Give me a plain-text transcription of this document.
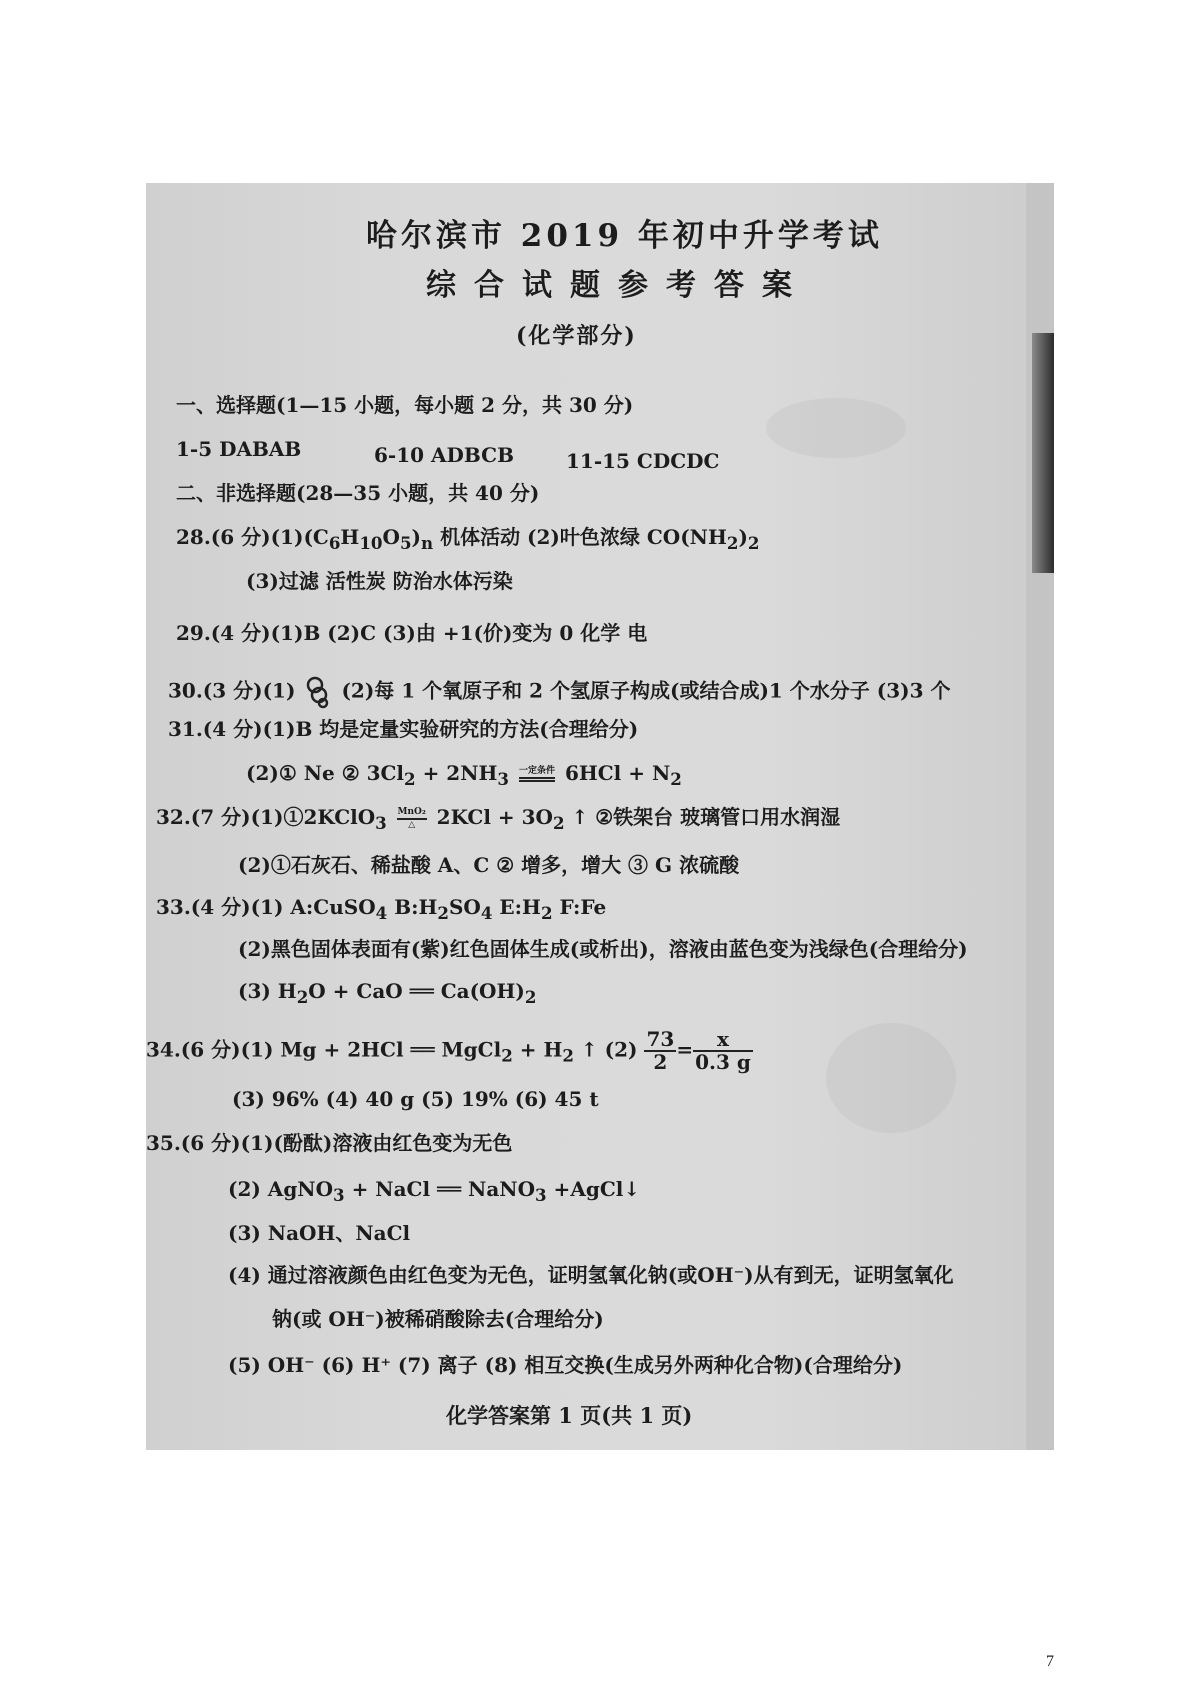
哈尔滨市 2019 年初中升学考试
综合试题参考答案
(化学部分)
一、选择题(1—15 小题，每小题 2 分，共 30 分)
1-5 DABAB	6-10 ADBCB	11-15 CDCDC
二、非选择题(28—35 小题，共 40 分)
28.(6 分)$(1)(C_6H_{10}O_5)_n$ 机体活动 (2)叶色浓绿 $CO(NH_2)_2$
(3)过滤 活性炭 防治水体污染
29.(4 分)(1)B (2)C (3)由 +1(价)变为 0 化学 电
30.(3 分)(1) (2)每 1 个氧原子和 2 个氢原子构成(或结合成)1 个水分子 (3)3 个
31.(4 分)(1)B 均是定量实验研究的方法(合理给分)
(2)① Ne ② $3Cl_2 + 2NH_3$ 一定条件 $6HCl + N_2$
32.(7 分)(1)①2KClO$_3$
MnO₂
△ $2KCl + 3O_2$ ↑ ②铁架台 玻璃管口用水润湿
(2)①石灰石、稀盐酸 A、C ② 增多，增大 ③ G 浓硫酸
33.(4 分)(1) A:CuSO$_4$ $B:H_2SO_4$ $E:H_2$ F:Fe
(2)黑色固体表面有(紫)红色固体生成(或析出)，溶液由蓝色变为浅绿色(合理给分)
(3) $H_2O$ + CaO ══ $Ca(OH)_2$
34.(6 分)(1) Mg + 2HCl ══ MgCl$_2$ + $H_2$ ↑ $(2) \frac{73}{2} = \frac{x}{0.3 g}$
(3) 96% (4) 40 g (5) 19% (6) 45 t
35.(6 分)(1)(酚酞)溶液由红色变为无色
(2) AgNO$_3$ + NaCl ══ NaNO$_3$ +AgCl↓
(3) NaOH、NaCl
(4) 通过溶液颜色由红色变为无色，证明氢氧化钠(或OH⁻)从有到无，证明氢氧化
钠(或 OH⁻)被稀硝酸除去(合理给分)
(5) OH⁻ (6) H⁺ (7) 离子 (8) 相互交换(生成另外两种化合物)(合理给分)
化学答案第 1 页(共 1 页)
7
